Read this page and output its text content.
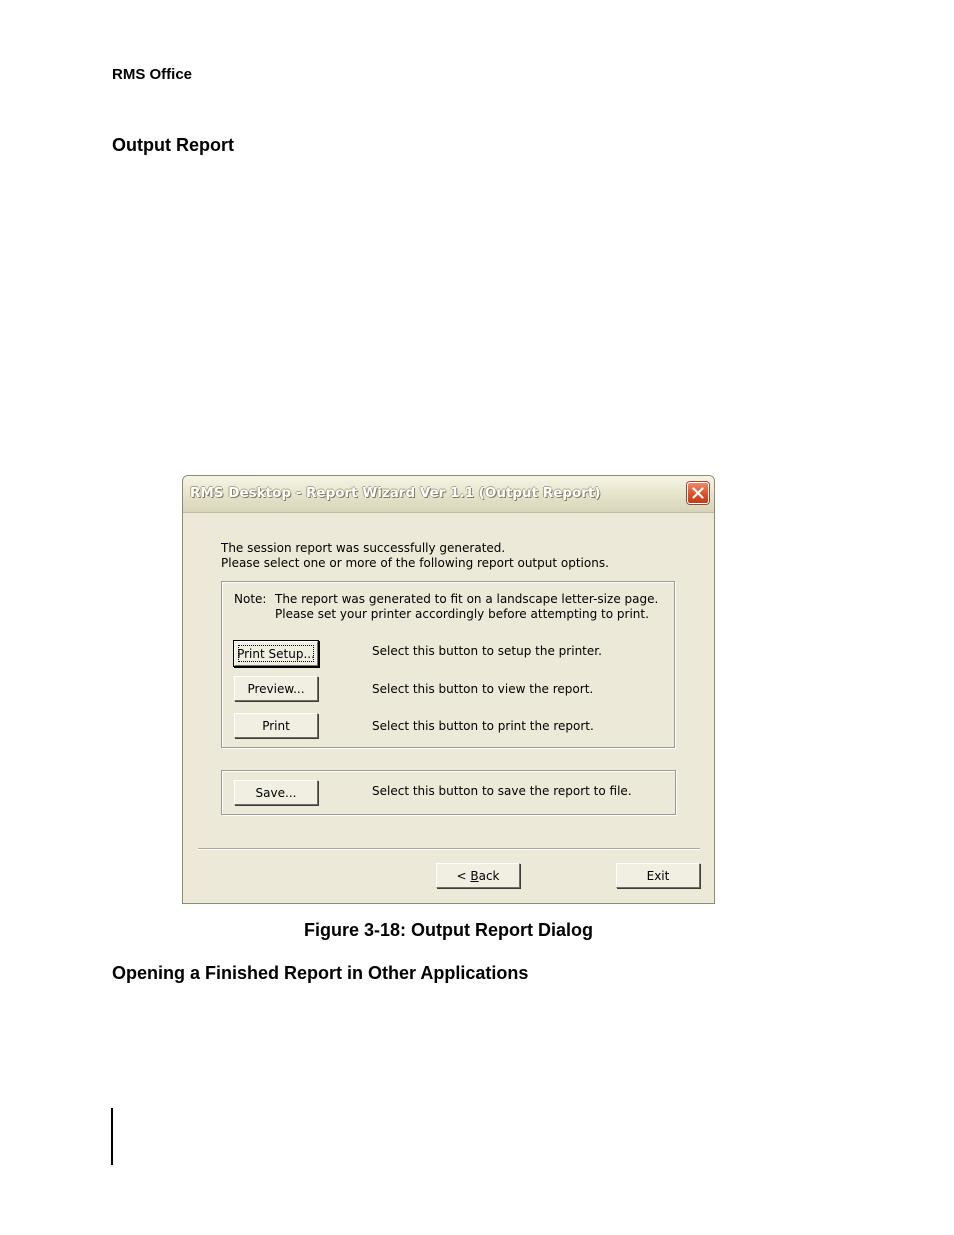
RMS Office
Output Report
RMS Desktop - Report Wizard Ver 1.1 (Output Report)
The session report was successfully generated.
Please select one or more of the following report output options.
Note: The report was generated to fit on a landscape letter-size page. Please set your printer accordingly before attempting to print.
Print Setup...	Select this button to setup the printer.
Preview...	Select this button to view the report.
Print	Select this button to print the report.
Save...	Select this button to save the report to file.
< Back	Exit
Figure 3-18: Output Report Dialog
Opening a Finished Report in Other Applications
